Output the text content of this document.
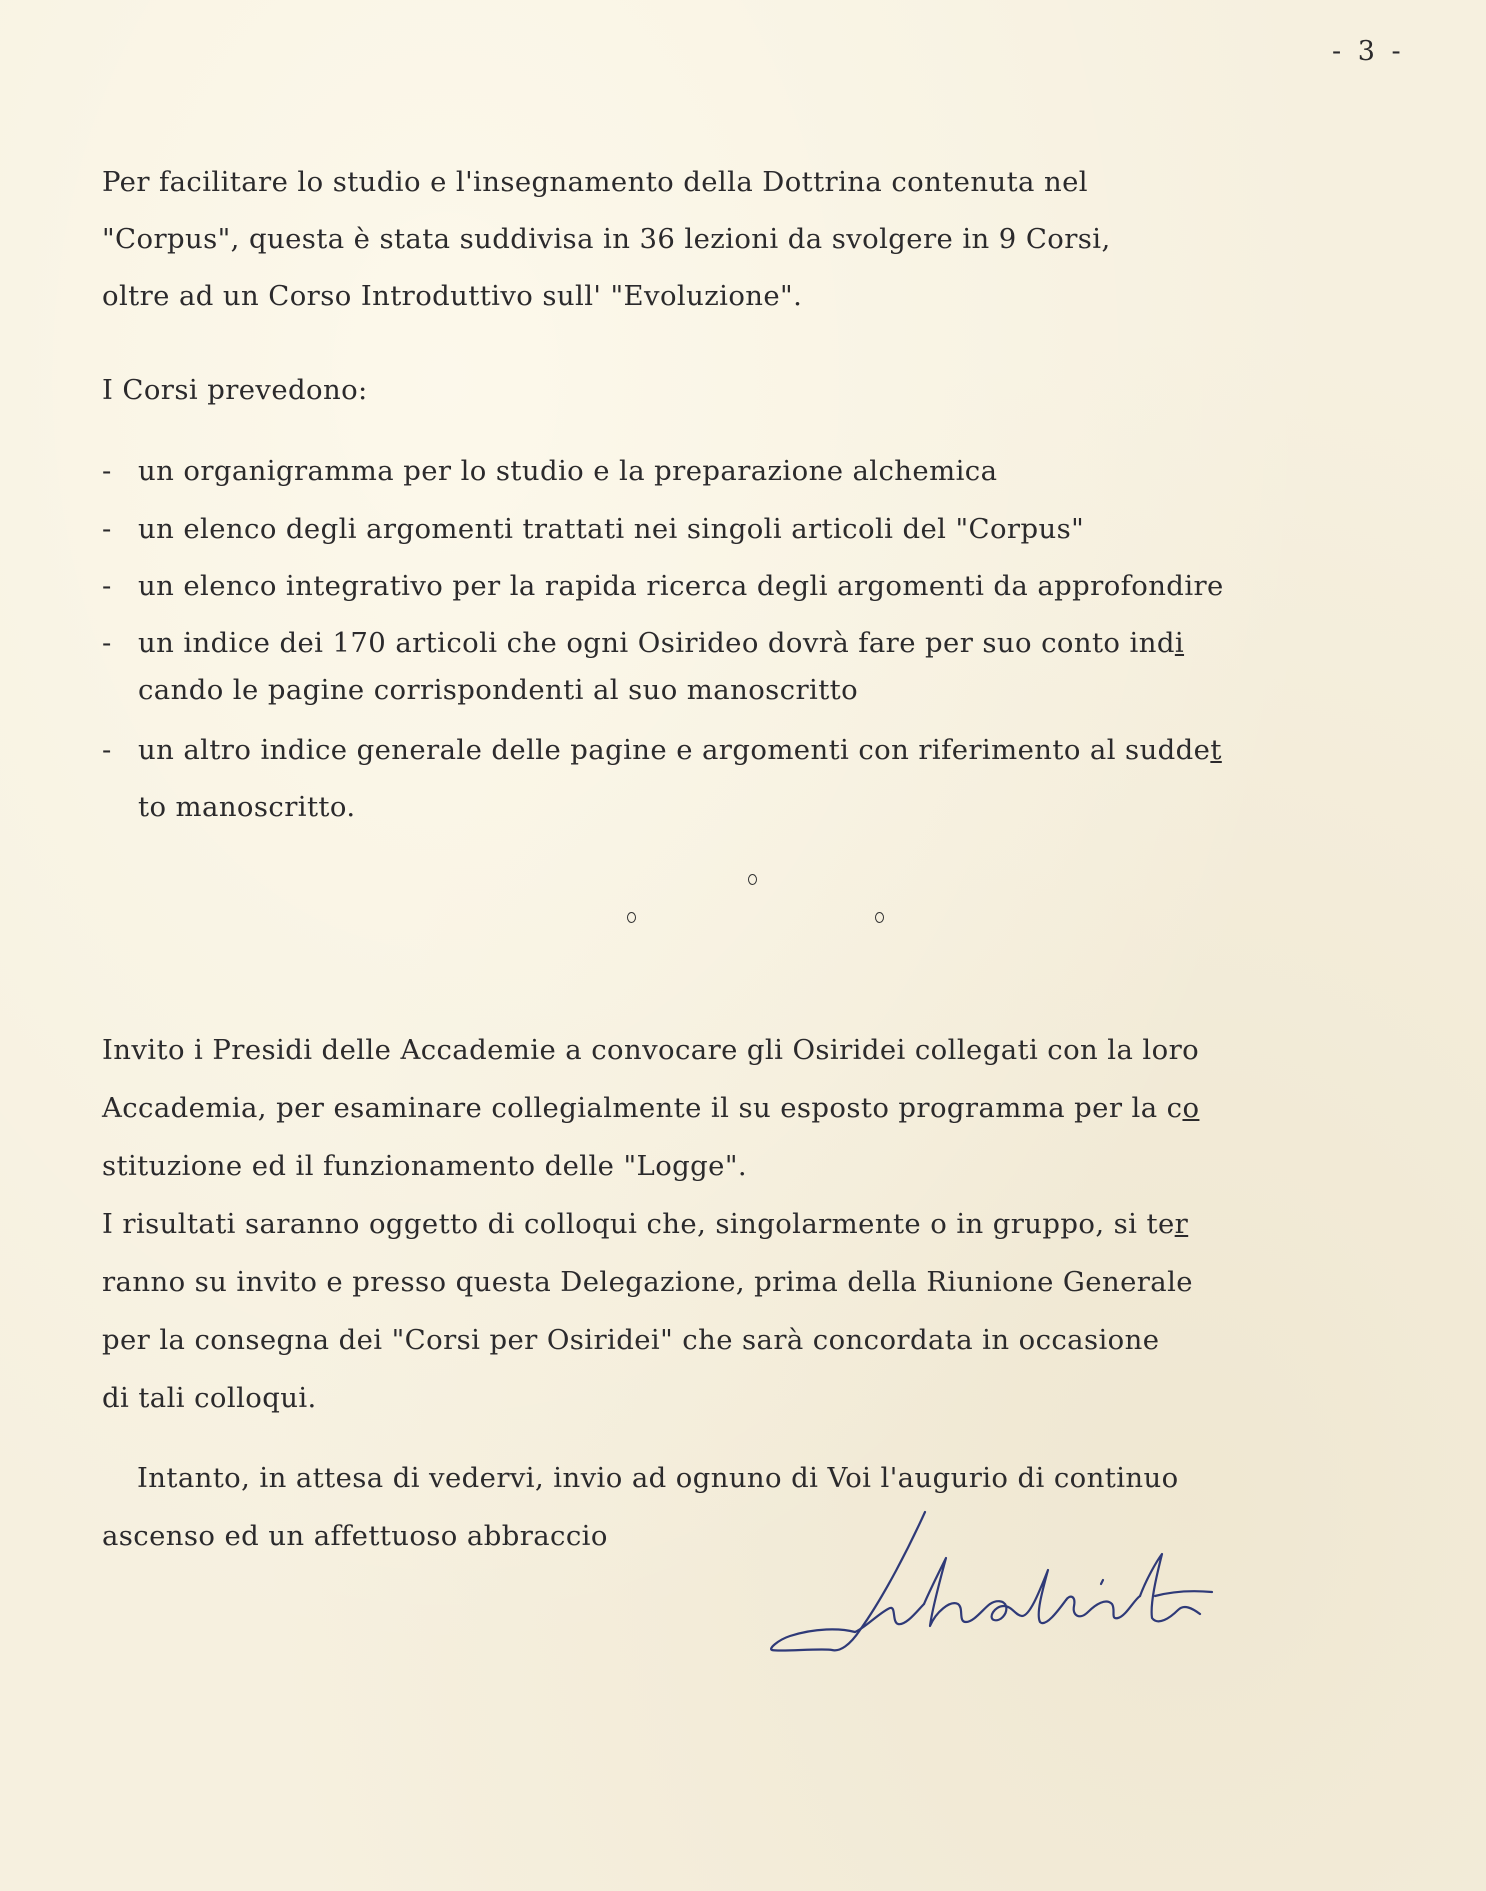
- 3 -
Per facilitare lo studio e l'insegnamento della Dottrina contenuta nel
"Corpus", questa è stata suddivisa in 36 lezioni da svolgere in 9 Corsi,
oltre ad un Corso Introduttivo sull' "Evoluzione".
I Corsi prevedono:
- un organigramma per lo studio e la preparazione alchemica
- un elenco degli argomenti trattati nei singoli articoli del "Corpus"
- un elenco integrativo per la rapida ricerca degli argomenti da approfondire
- un indice dei 170 articoli che ogni Osirideo dovrà fare per suo conto indi
cando le pagine corrispondenti al suo manoscritto
- un altro indice generale delle pagine e argomenti con riferimento al suddet
to manoscritto.
Invito i Presidi delle Accademie a convocare gli Osiridei collegati con la loro
Accademia, per esaminare collegialmente il su esposto programma per la co
stituzione ed il funzionamento delle "Logge".
I risultati saranno oggetto di colloqui che, singolarmente o in gruppo, si ter
ranno su invito e presso questa Delegazione, prima della Riunione Generale
per la consegna dei "Corsi per Osiridei" che sarà concordata in occasione
di tali colloqui.
Intanto, in attesa di vedervi, invio ad ognuno di Voi l'augurio di continuo
ascenso ed un affettuoso abbraccio
